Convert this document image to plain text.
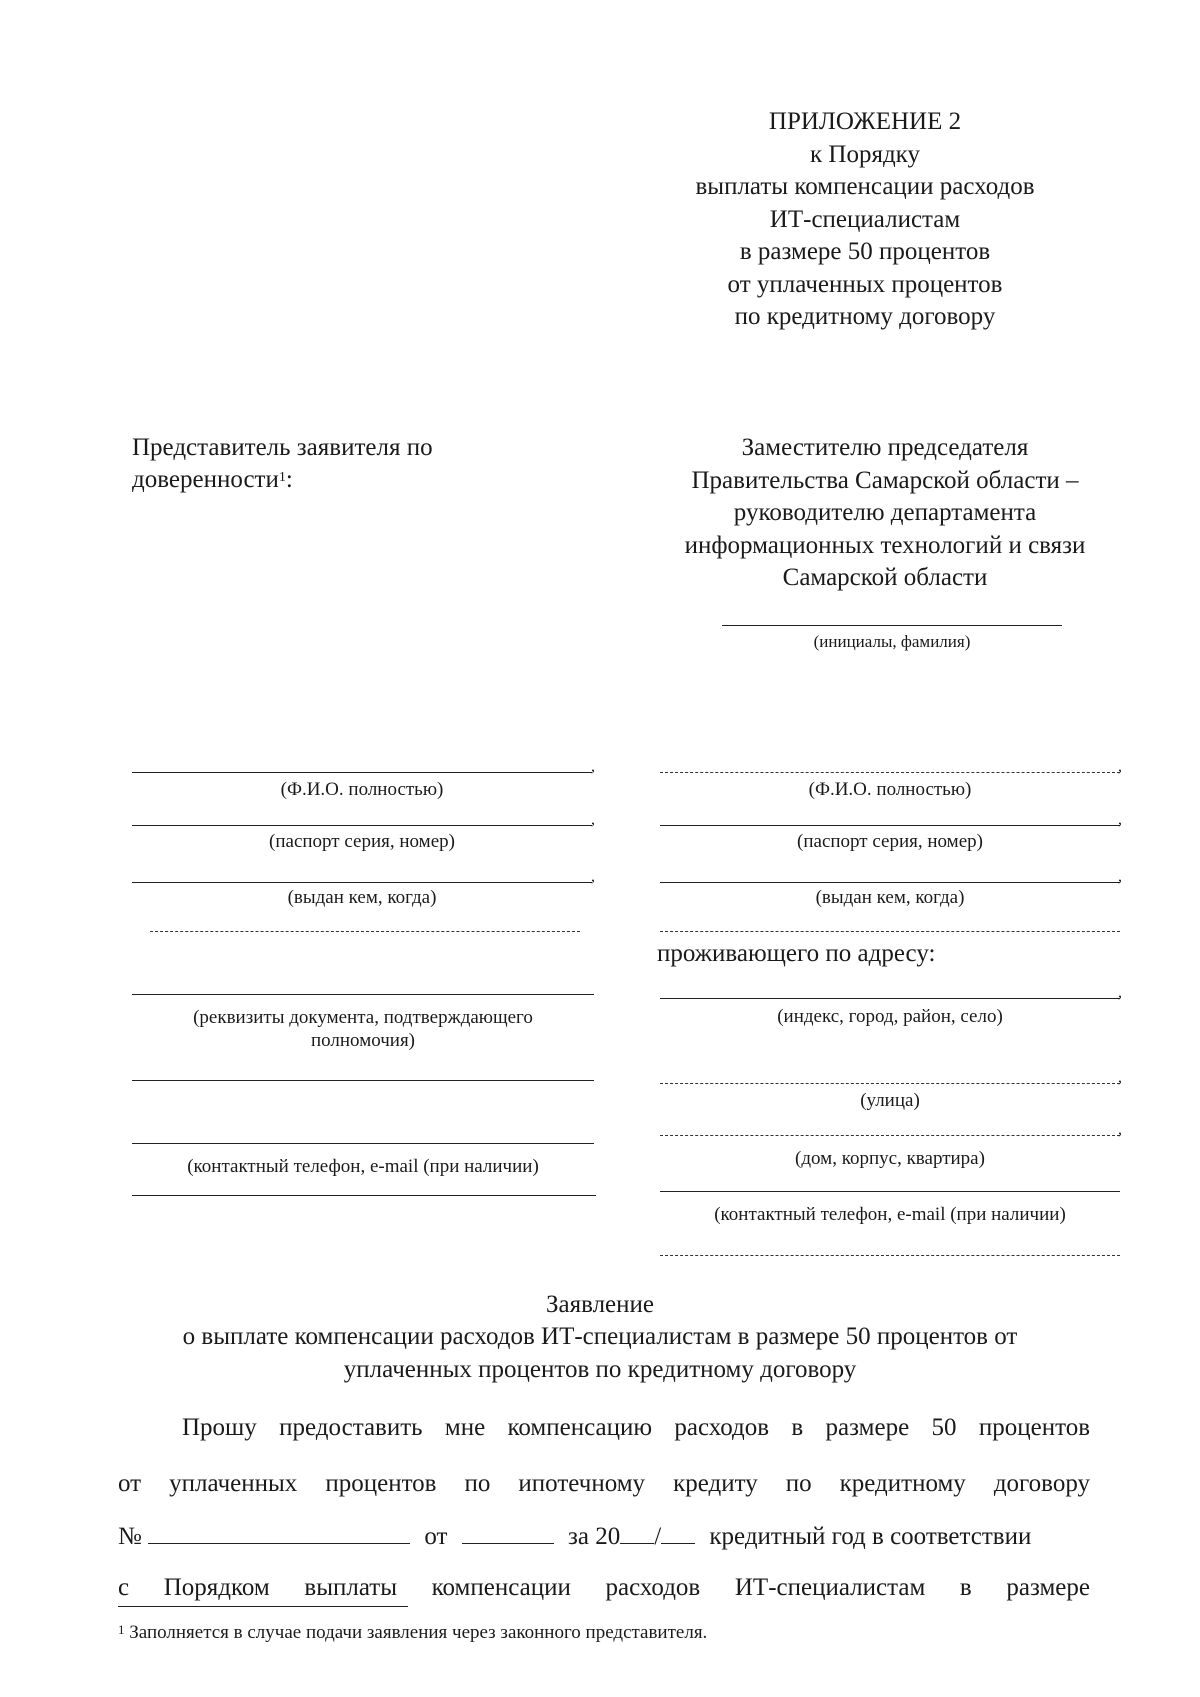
ПРИЛОЖЕНИЕ 2
к Порядку
выплаты компенсации расходов
ИТ-специалистам
в размере 50 процентов
от уплаченных процентов
по кредитному договору
Представитель заявителя по
доверенности$^1$:
Заместителю председателя
Правительства Самарской области –
руководителю департамента
информационных технологий и связи
Самарской области
(инициалы, фамилия)
,
(Ф.И.О. полностью)
,
(паспорт серия, номер)
,
(выдан кем, когда)
(реквизиты документа, подтверждающего
полномочия)
(контактный телефон, e-mail (при наличии)
,
(Ф.И.О. полностью)
,
(паспорт серия, номер)
,
(выдан кем, когда)
проживающего по адресу:
,
(индекс, город, район, село)
,
(улица)
,
(дом, корпус, квартира)
(контактный телефон, e-mail (при наличии)
Заявление
о выплате компенсации расходов ИТ-специалистам в размере 50 процентов от
уплаченных процентов по кредитному договору
Прошу предоставить мне компенсацию расходов в размере 50 процентов
от уплаченных процентов по ипотечному кредиту по кредитному договору
№	от	за 20 / кредитный год в соответствии
с Порядком выплаты компенсации расходов ИТ-специалистам в размере
$^1$ Заполняется в случае подачи заявления через законного представителя.
